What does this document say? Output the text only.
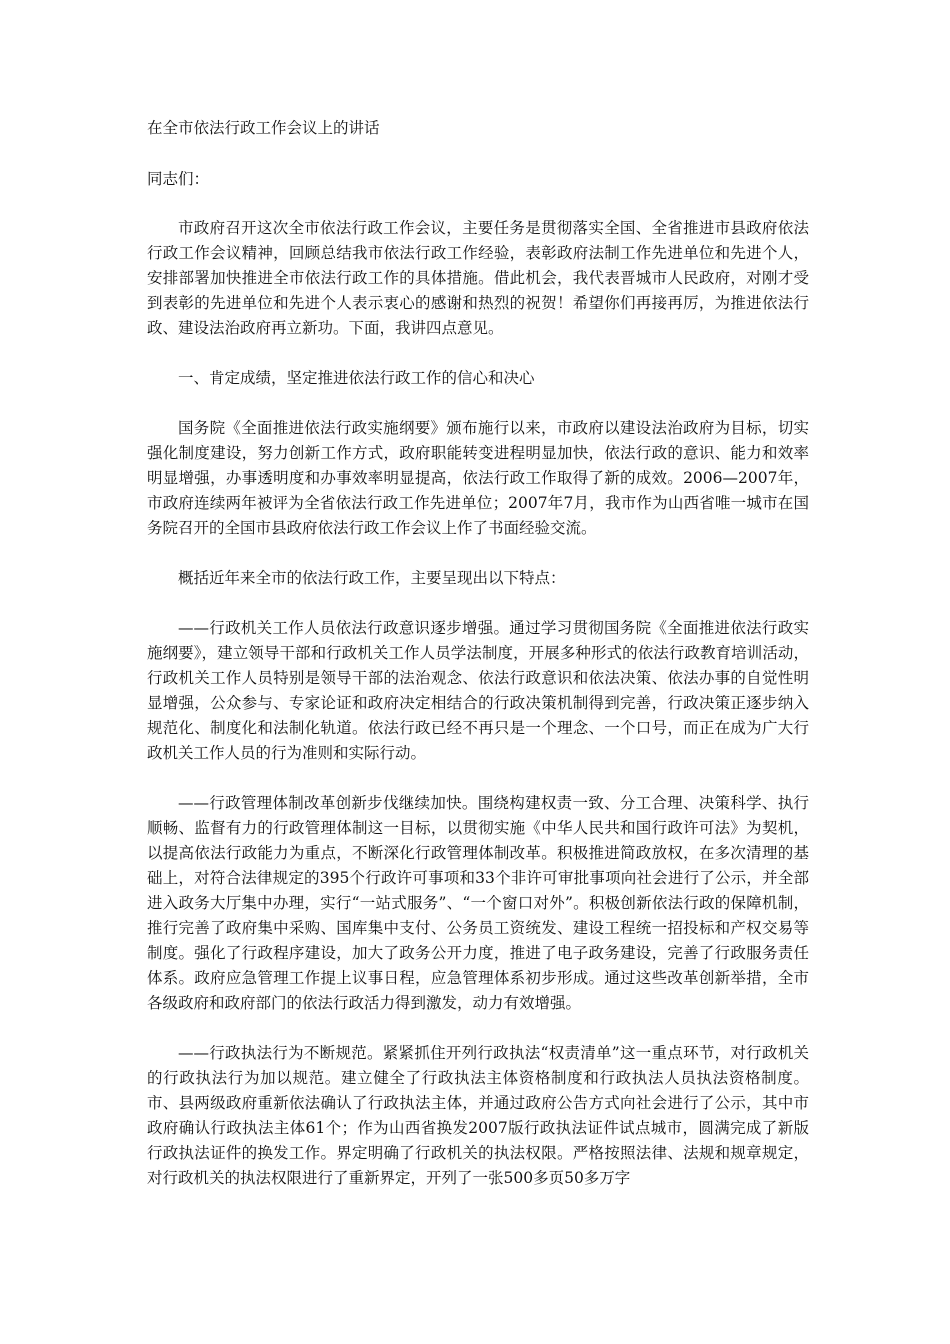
在全市依法行政工作会议上的讲话

同志们：

市政府召开这次全市依法行政工作会议，主要任务是贯彻落实全国、全省推进市县政府依法行政工作会议精神，回顾总结我市依法行政工作经验，表彰政府法制工作先进单位和先进个人，安排部署加快推进全市依法行政工作的具体措施。借此机会，我代表晋城市人民政府，对刚才受到表彰的先进单位和先进个人表示衷心的感谢和热烈的祝贺！希望你们再接再厉，为推进依法行政、建设法治政府再立新功。下面，我讲四点意见。

一、肯定成绩，坚定推进依法行政工作的信心和决心

国务院《全面推进依法行政实施纲要》颁布施行以来，市政府以建设法治政府为目标，切实强化制度建设，努力创新工作方式，政府职能转变进程明显加快，依法行政的意识、能力和效率明显增强，办事透明度和办事效率明显提高，依法行政工作取得了新的成效。2006—2007年，市政府连续两年被评为全省依法行政工作先进单位；2007年7月，我市作为山西省唯一城市在国务院召开的全国市县政府依法行政工作会议上作了书面经验交流。

概括近年来全市的依法行政工作，主要呈现出以下特点：

——行政机关工作人员依法行政意识逐步增强。通过学习贯彻国务院《全面推进依法行政实施纲要》，建立领导干部和行政机关工作人员学法制度，开展多种形式的依法行政教育培训活动，行政机关工作人员特别是领导干部的法治观念、依法行政意识和依法决策、依法办事的自觉性明显增强，公众参与、专家论证和政府决定相结合的行政决策机制得到完善，行政决策正逐步纳入规范化、制度化和法制化轨道。依法行政已经不再只是一个理念、一个口号，而正在成为广大行政机关工作人员的行为准则和实际行动。

——行政管理体制改革创新步伐继续加快。围绕构建权责一致、分工合理、决策科学、执行顺畅、监督有力的行政管理体制这一目标，以贯彻实施《中华人民共和国行政许可法》为契机，以提高依法行政能力为重点，不断深化行政管理体制改革。积极推进简政放权，在多次清理的基础上，对符合法律规定的395个行政许可事项和33个非许可审批事项向社会进行了公示，并全部进入政务大厅集中办理，实行“一站式服务”、“一个窗口对外”。积极创新依法行政的保障机制，推行完善了政府集中采购、国库集中支付、公务员工资统发、建设工程统一招投标和产权交易等制度。强化了行政程序建设，加大了政务公开力度，推进了电子政务建设，完善了行政服务责任体系。政府应急管理工作提上议事日程，应急管理体系初步形成。通过这些改革创新举措，全市各级政府和政府部门的依法行政活力得到激发，动力有效增强。

——行政执法行为不断规范。紧紧抓住开列行政执法“权责清单”这一重点环节，对行政机关的行政执法行为加以规范。建立健全了行政执法主体资格制度和行政执法人员执法资格制度。市、县两级政府重新依法确认了行政执法主体，并通过政府公告方式向社会进行了公示，其中市政府确认行政执法主体61个；作为山西省换发2007版行政执法证件试点城市，圆满完成了新版行政执法证件的换发工作。界定明确了行政机关的执法权限。严格按照法律、法规和规章规定，对行政机关的执法权限进行了重新界定，开列了一张500多页50多万字
